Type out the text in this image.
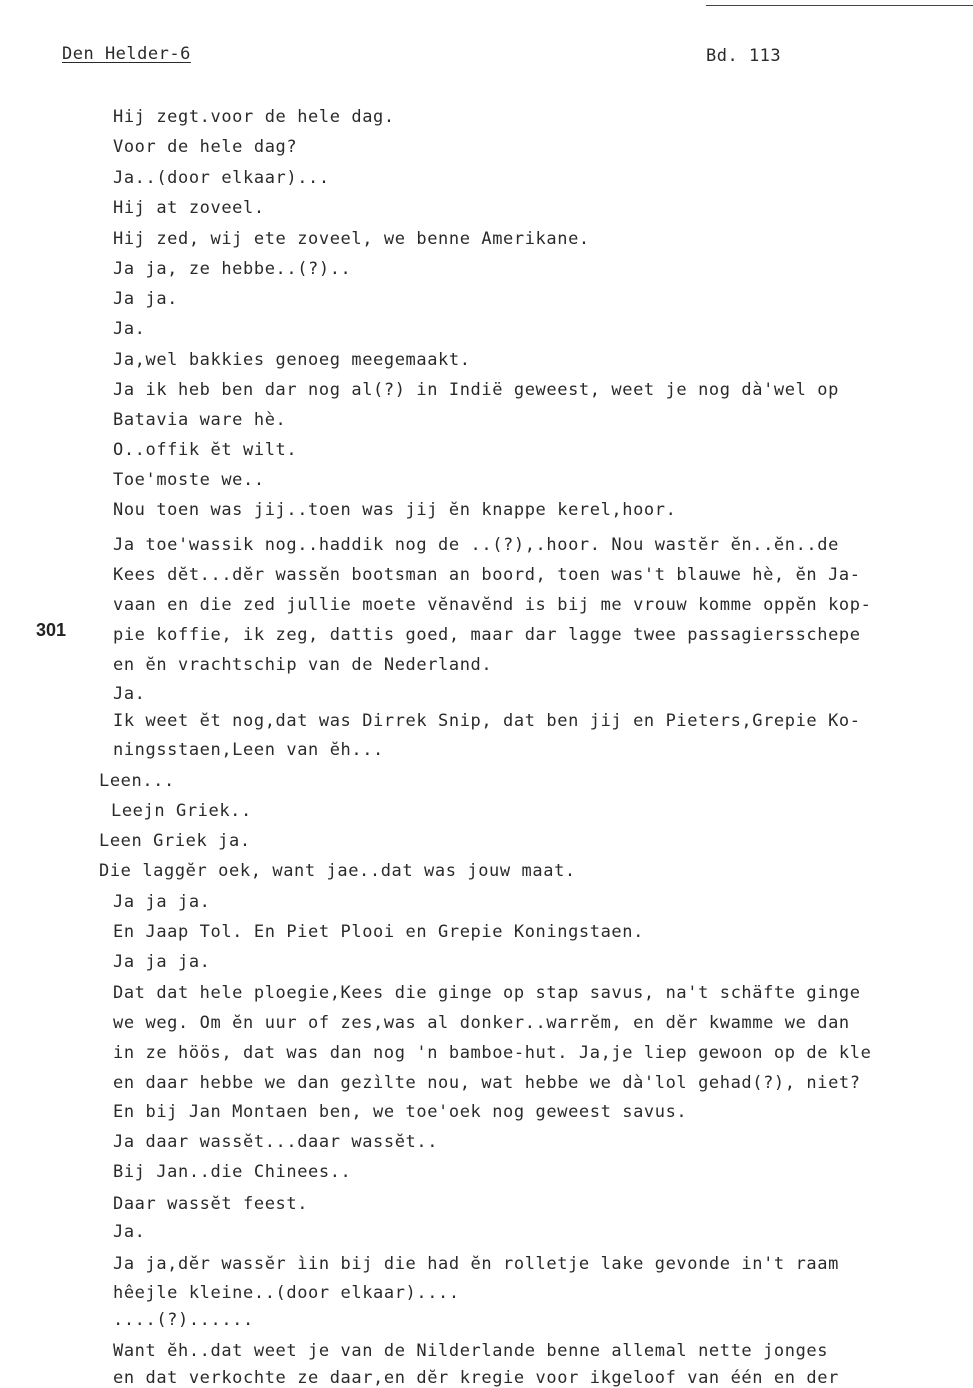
Den Helder-6	Bd. 113
301
Hij zegt.voor de hele dag.
Voor de hele dag?
Ja..(door elkaar)...
Hij at zoveel.
Hij zed, wij ete zoveel, we benne Amerikane.
Ja ja, ze hebbe..(?)..
Ja ja.
Ja.
Ja,wel bakkies genoeg meegemaakt.
Ja ik heb ben dar nog al(?) in Indië geweest, weet je nog dà'wel op
Batavia ware hè.
O..offik ĕt wilt.
Toe'moste we..
Nou toen was jij..toen was jij ĕn knappe kerel,hoor.
Ja toe'wassik nog..haddik nog de ..(?),.hoor. Nou wastĕr ĕn..ĕn..de
Kees dĕt...dĕr wassĕn bootsman an boord, toen was't blauwe hè, ĕn Ja-
vaan en die zed jullie moete vĕnavĕnd is bij me vrouw komme oppĕn kop-
pie koffie, ik zeg, dattis goed, maar dar lagge twee passagiersschepe
en ĕn vrachtschip van de Nederland.
Ja.
Ik weet ĕt nog,dat was Dirrek Snip, dat ben jij en Pieters,Grepie Ko-
ningsstaen,Leen van ĕh...
Leen...
Leejn Griek..
Leen Griek ja.
Die laggĕr oek, want jae..dat was jouw maat.
Ja ja ja.
En Jaap Tol. En Piet Plooi en Grepie Koningstaen.
Ja ja ja.
Dat dat hele ploegie,Kees die ginge op stap savus, na't schäfte ginge
we weg. Om ĕn uur of zes,was al donker..warrĕm, en dĕr kwamme we dan
in ze höös, dat was dan nog 'n bamboe-hut. Ja,je liep gewoon op de kle
en daar hebbe we dan gezìlte nou, wat hebbe we dà'lol gehad(?), niet?
En bij Jan Montaen ben, we toe'oek nog geweest savus.
Ja daar wassĕt...daar wassĕt..
Bij Jan..die Chinees..
Daar wassĕt feest.
Ja.
Ja ja,dĕr wassĕr ìin bij die had ĕn rolletje lake gevonde in't raam
hêejle kleine..(door elkaar)....
....(?)......
Want ĕh..dat weet je van de Nilderlande benne allemal nette jonges
en dat verkochte ze daar,en dĕr kregie voor ikgeloof van één en der
